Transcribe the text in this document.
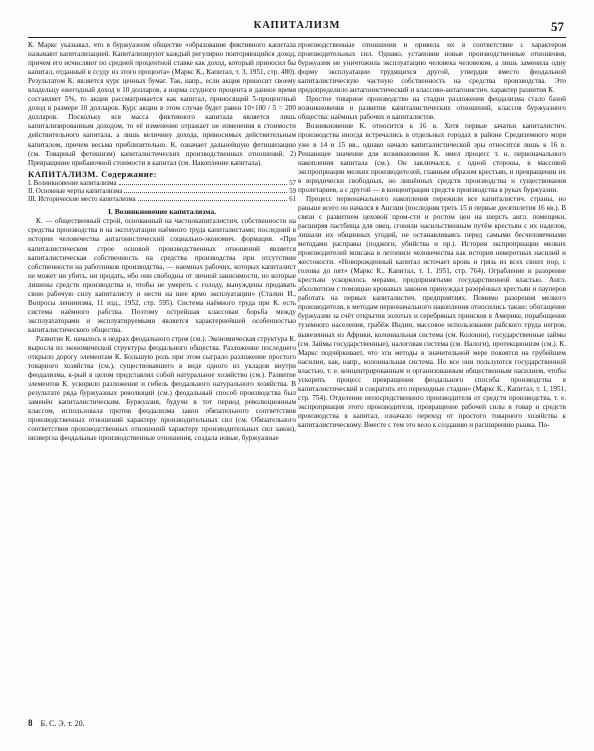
КАПИТАЛИЗМ	57

К. Маркс указывал, что в буржуазном обществе «образование фиктивного капитала называют капитализацией. Капитализируют каждый регулярно повторяющийся доход, причем его исчисляют по средней процентной ставке как доход, который приносил бы капитал, отданный в ссуду из этого процента» (Маркс К., Капитал, т. 3, 1951, стр. 480). Результатом К. является курс ценных бумаг. Так, напр., если акция приносит своему владельцу ежегодный доход в 10 долларов, а норма ссудного процента в данное время составляет 5%, то акция рассматривается как капитал, приносящий 5-процентный доход в размере 10 долларов. Курс акции в этом случае будет равен 10×100 / 5 = 200 долларов. Поскольку вся масса фиктивного капитала является лишь капитализированным доходом, то её изменение отражает не изменения в стоимости действительного капитала, а лишь величину дохода, приносимых действительным капиталом, причем весьма приблизительно. К. означает дальнейшую фетишизацию (см. Товарный фетишизм) капиталистических производственных отношений. 2) Превращение прибавочной стоимости в капитал (см. Накопление капитала).

КАПИТАЛИЗМ. Содержание:
I. Возникновение капитализма	57
II. Основные черты капитализма	59
III. Исторические место капитализма	61
I. Возникновение капитализма.

К. — общественный строй, основанный на частнокапиталистич. собственности на средства производства и на эксплуатации наёмного труда капиталистами; последний в истории человечества антагонистический социально-экономич. формация. «При капиталистическом строе основой производственных отношений является капиталистическая собственность на средства производства при отсутствии собственности на работников производства, — наемных рабочих, которых капиталист не может ни убить, ни продать, ибо они свободны от личной зависимости, но которые лишены средств производства и, чтобы не умереть с голоду, вынуждены продавать свою рабочую силу капиталисту и нести на шее ярмо эксплуатации» (Сталин И., Вопросы ленинизма, 11 изд., 1952, стр. 595). Система наёмного труда при К. есть система наёмного рабства. Поэтому острейшая классовая борьба между эксплуататорами и эксплуатируемыми является характернейшей особенностью капиталистического общества.

Развитие К. началось в недрах феодального строя (см.). Экономическая структура К. выросла из экономической структуры феодального общества. Разложение последнего открыло дорогу элементам К. Большую роль при этом сыграло разложение простого товарного хозяйства (см.), существовавшего в виде одного из укладов внутри феодализма, к-рый в целом представлял собой натуральное хозяйство (см.). Развитие элементов К. ускорило разложение и гибель феодального натурального хозяйства. В результате ряда буржуазных революций (см.) феодальный способ производства был заменён капиталистическим. Буржуазия, будучи в тот период революционным классом, использовала против феодализма закон обязательного соответствия производственных отношений характеру производительных сил (см. Обязательного соответствия производственных отношений характеру производительных сил закон), низвергла феодальные производственные отношения, создала новые, буржуазные

производственные отношения и привела их в соответствие с характером производительных сил. Однако, установив новые производственные отношения, буржуазия не уничтожила эксплуатацию человека человеком, а лишь заменила одну форму эксплуатации трудящихся другой, утвердив вместо феодальной капиталистическую частную собственность на средства производства. Это предопределило антагонистический и классово-антагонистич. характер развития К.

Простое товарное производство на стадии разложения феодализма стало базой возникновения и развития капиталистических отношений, классов буржуазного общества: наёмных рабочих и капиталистов.

Возникновение К. относится к 16 в. Хотя первые зачатки капиталистич. производства иногда встречались в отдельных городах в районе Средиземного моря уже в 14 и 15 вв., однако начало капиталистической эры относится лишь к 16 в. Решающее значение для возникновения К. имел процесс т. н. первоначального накопления капитала (см.). Он заключался, с одной стороны, в массовой экспроприации мелких производителей, главным образом крестьян, и превращении их в юридически свободных, но лишённых средств производства и существования пролетариев, а с другой — в концентрации средств производства в руках буржуазии.

Процесс первоначального накопления пережили все капиталистич. страны, но раньше всего он начался в Англии (последняя треть 15 и первые десятилетия 16 вв.). В связи с развитием цеховой пром-сти и ростом цен на шерсть англ. помещики, расширяя пастбища для овец, сгоняли насильственным путём крестьян с их наделов, лишали их общинных угодий, не останавливаясь перед самыми бесчеловечными методами расправы (поджоги, убийства и пр.). История экспроприации мелких производителей вписана в летописи человечества как история неверотных насилий и жестокости. «Новорожденный капитал источает кровь и грязь из всех своих пор, с головы до пят» (Маркс К., Капитал, т. 1, 1951, стр. 764). Ограбление и разорение крестьян ускорялось мерами, предпринятыми государственной властью. Англ. абсолютизм с помощью кровавых законов принуждал разорённых крестьян и пауперов работать на первых капиталистич. предприятиях. Помимо разорения мелкого производителя, к методам первоначального накопления относились также: обогащение буржуазии за счёт открытия золотых и серебряных приисков в Америке, порабощение туземного населения, грабёж Индии, массовое использование рабского труда негров, вывезенных из Африки, колониальная система (см. Колонии), государственные займы (см. Займы государственные), налоговая система (см. Налоги), протекционизм (см.). К. Маркс подчёркивает, что эти методы в значительной мере покоятся на грубейшем насилии, как, напр., колониальная система. Но все они пользуются государственной властью, т. е. концентрированным и организованным общественным насилием, чтобы ускорить процесс превращения феодального способа производства в капиталистический и сократить его переходные стадии» (Маркс К., Капитал, т. 1, 1951, стр. 754). Отделение непосредственного производителя от средств производства, т. е. экспроприация этого производителя, превращение рабочей силы в товар и средств производства в капитал, означало переход от простого товарного хозяйства к капиталистическому. Вместе с тем это вело к созданию и расширению рынка. По-

8 Б. С. Э. т. 20.
